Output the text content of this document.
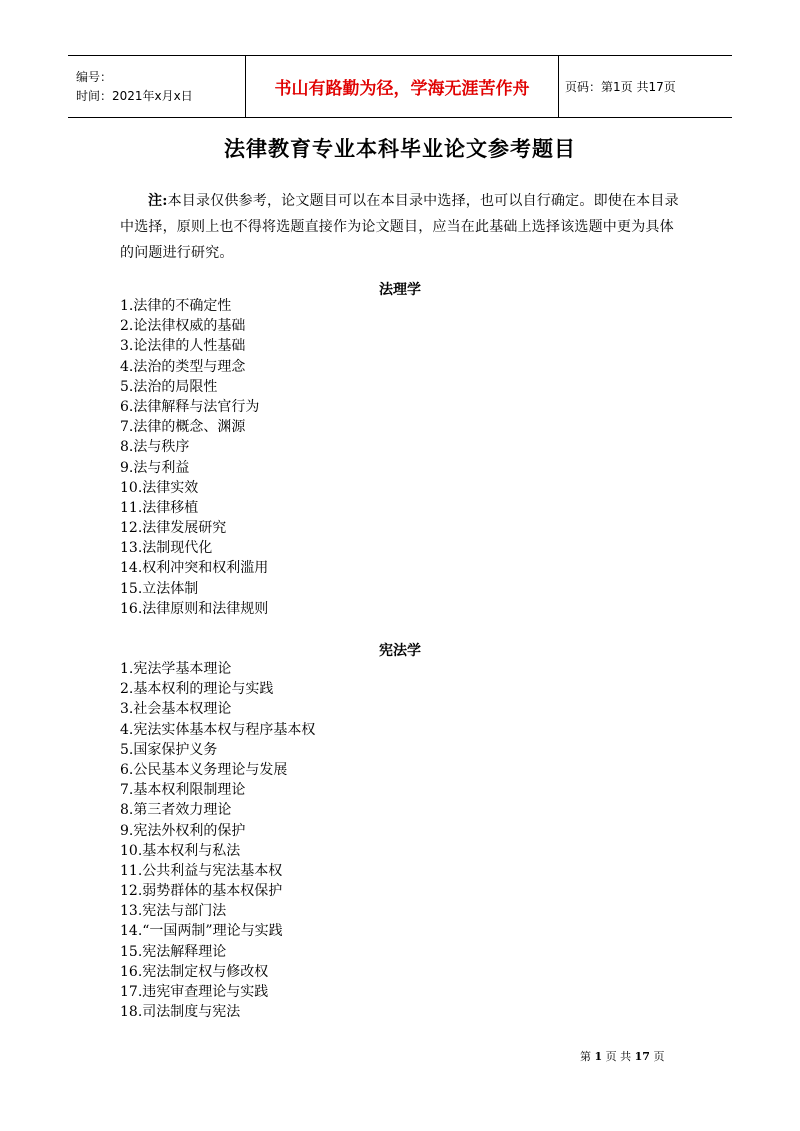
编号：
时间：2021年x月x日	书山有路勤为径，学海无涯苦作舟	页码：第1页 共17页
法律教育专业本科毕业论文参考题目

注:本目录仅供参考，论文题目可以在本目录中选择，也可以自行确定。即使在本目录中选择，原则上也不得将选题直接作为论文题目，应当在此基础上选择该选题中更为具体的问题进行研究。

法理学
1.法律的不确定性
2.论法律权威的基础
3.论法律的人性基础
4.法治的类型与理念
5.法治的局限性
6.法律解释与法官行为
7.法律的概念、渊源
8.法与秩序
9.法与利益
10.法律实效
11.法律移植
12.法律发展研究
13.法制现代化
14.权利冲突和权利滥用
15.立法体制
16.法律原则和法律规则
宪法学
1.宪法学基本理论
2.基本权利的理论与实践
3.社会基本权理论
4.宪法实体基本权与程序基本权
5.国家保护义务
6.公民基本义务理论与发展
7.基本权利限制理论
8.第三者效力理论
9.宪法外权利的保护
10.基本权利与私法
11.公共利益与宪法基本权
12.弱势群体的基本权保护
13.宪法与部门法
14.“一国两制”理论与实践
15.宪法解释理论
16.宪法制定权与修改权
17.违宪审查理论与实践
18.司法制度与宪法
第 1 页 共 17 页
